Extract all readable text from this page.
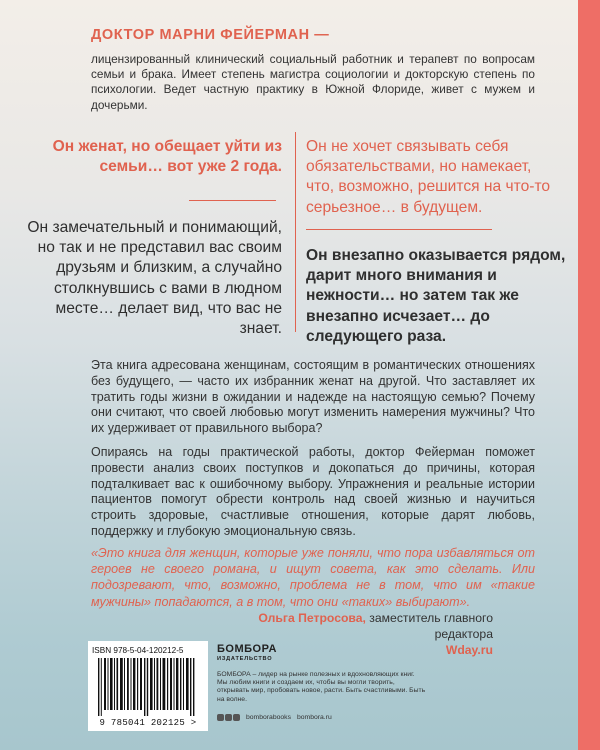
ДОКТОР МАРНИ ФЕЙЕРМАН —

лицензированный клинический социальный работник и терапевт по вопросам семьи и брака. Имеет степень магистра социологии и докторскую степень по психологии. Ведет частную практику в Южной Флориде, живет с мужем и дочерьми.

Он женат, но обещает уйти из семьи… вот уже 2 года.

Он замечательный и понимающий, но так и не представил вас своим друзьям и близким, а случайно столкнувшись с вами в людном месте… делает вид, что вас не знает.

Он не хочет связывать себя обязательствами, но намекает, что, возможно, решится на что-то серьезное… в будущем.

Он внезапно оказывается рядом, дарит много внимания и нежности… но затем так же внезапно исчезает… до следующего раза.

Эта книга адресована женщинам, состоящим в романтических отношениях без будущего, — часто их избранник женат на другой. Что заставляет их тратить годы жизни в ожидании и надежде на настоящую семью? Почему они считают, что своей любовью могут изменить намерения мужчины? Что их удерживает от правильного выбора?

Опираясь на годы практической работы, доктор Фейерман поможет провести анализ своих поступков и докопаться до причины, которая подталкивает вас к ошибочному выбору. Упражнения и реальные истории пациентов помогут обрести контроль над своей жизнью и научиться строить здоровые, счастливые отношения, которые дарят любовь, поддержку и глубокую эмоциональную связь.

«Это книга для женщин, которые уже поняли, что пора избавляться от героев не своего романа, и ищут совета, как это сделать. Или подозревают, что, возможно, проблема не в том, что им «такие мужчины» попадаются, а в том, что они «таких» выбирают».

Ольга Петросова, заместитель главного редактора
Wday.ru

ISBN 978-5-04-120212-5
9 785041 202125 >

БОМБОРА

ИЗДАТЕЛЬСТВО

БОМБОРА – лидер на рынке полезных и вдохновляющих книг. Мы любим книги и создаем их, чтобы вы могли творить, открывать мир, пробовать новое, расти. Быть счастливыми. Быть на волне.

bomborabooks bombora.ru
